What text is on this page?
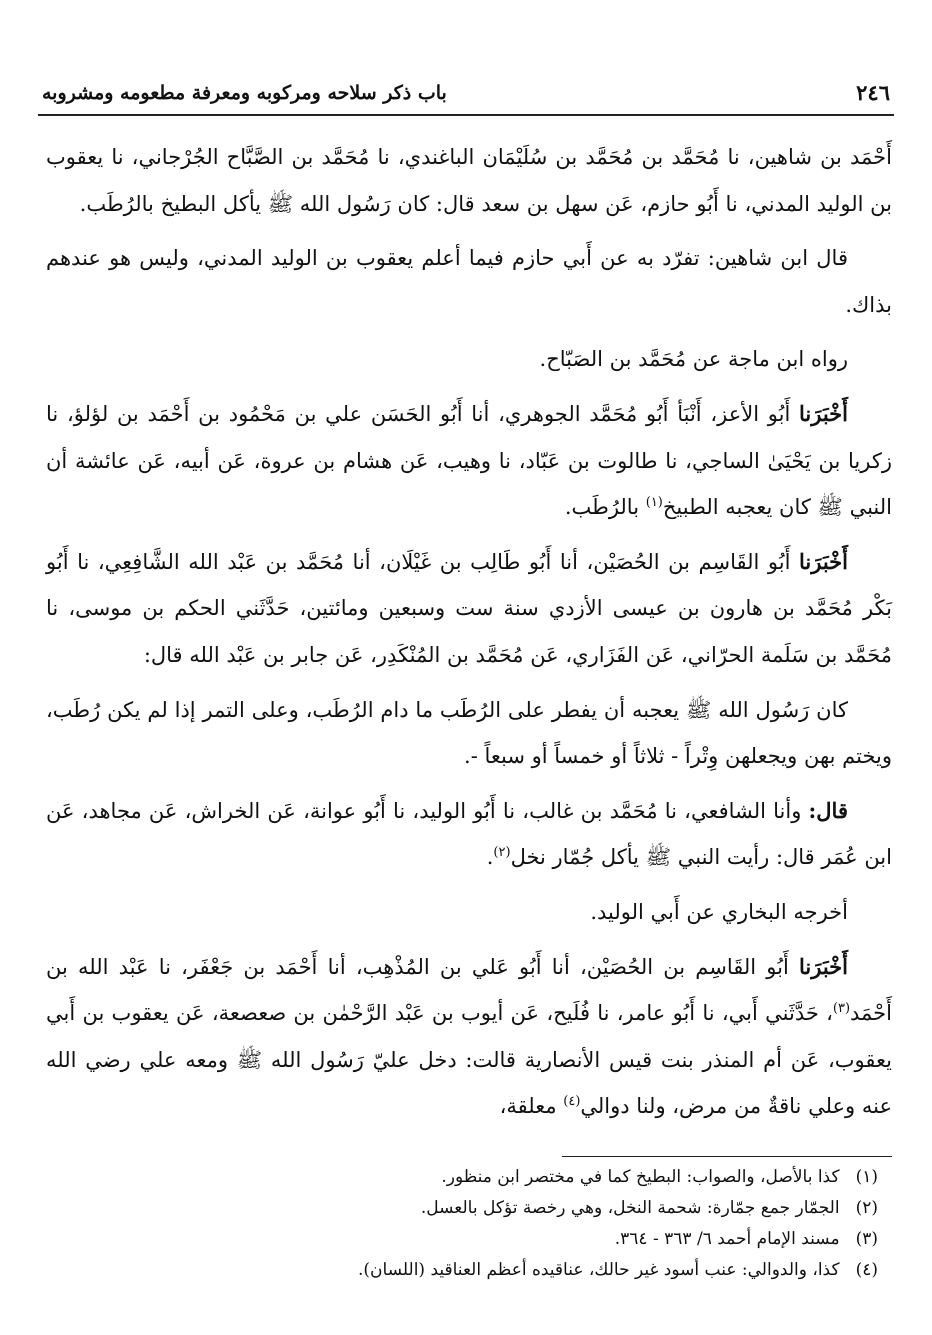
٢٤٦
باب ذكر سلاحه ومركوبه ومعرفة مطعومه ومشروبه

أَحْمَد بن شاهين، نا مُحَمَّد بن مُحَمَّد بن سُلَيْمَان الباغندي، نا مُحَمَّد بن الصَّبَّاح الجُرْجاني، نا يعقوب بن الوليد المدني، نا أَبُو حازم، عَن سهل بن سعد قال: كان رَسُول الله ﷺ يأكل البطيخ بالرُطَب.

قال ابن شاهين: تفرّد به عن أَبي حازم فيما أعلم يعقوب بن الوليد المدني، وليس هو عندهم بذاك.

رواه ابن ماجة عن مُحَمَّد بن الصَبّاح.

أَخْبَرَنا أَبُو الأعز، أَنْبَأ أَبُو مُحَمَّد الجوهري، أنا أَبُو الحَسَن علي بن مَحْمُود بن أَحْمَد بن لؤلؤ، نا زكريا بن يَحْيَىٰ الساجي، نا طالوت بن عَبّاد، نا وهيب، عَن هشام بن عروة، عَن أبيه، عَن عائشة أن النبي ﷺ كان يعجبه الطبيخ$^{(١)}$ بالرُطَب.

أَخْبَرَنا أَبُو القَاسِم بن الحُصَيْن، أنا أَبُو طَالِب بن غَيْلَان، أنا مُحَمَّد بن عَبْد الله الشَّافِعِي، نا أَبُو بَكْر مُحَمَّد بن هارون بن عيسى الأزدي سنة ست وسبعين ومائتين، حَدَّثَني الحكم بن موسى، نا مُحَمَّد بن سَلَمة الحرّاني، عَن الفَزَاري، عَن مُحَمَّد بن المُنْكَدِر، عَن جابر بن عَبْد الله قال:

كان رَسُول الله ﷺ يعجبه أن يفطر على الرُطَب ما دام الرُطَب، وعلى التمر إذا لم يكن رُطَب، ويختم بهن ويجعلهن وِتْراً - ثلاثاً أو خمساً أو سبعاً -.

قال: وأنا الشافعي، نا مُحَمَّد بن غالب، نا أَبُو الوليد، نا أَبُو عوانة، عَن الخراش، عَن مجاهد، عَن ابن عُمَر قال: رأيت النبي ﷺ يأكل جُمّار نخل$^{(٢)}$.

أخرجه البخاري عن أَبي الوليد.

أَخْبَرَنا أَبُو القَاسِم بن الحُصَيْن، أنا أَبُو عَلي بن المُذْهِب، أنا أَحْمَد بن جَعْفَر، نا عَبْد الله بن أَحْمَد$^{(٣)}$، حَدَّثَني أَبي، نا أَبُو عامر، نا فُلَيح، عَن أيوب بن عَبْد الرَّحْمٰن بن صعصعة، عَن يعقوب بن أَبي يعقوب، عَن أم المنذر بنت قيس الأنصارية قالت: دخل عليّ رَسُول الله ﷺ ومعه علي رضي الله عنه وعلي ناقةٌ من مرض، ولنا دوالي$^{(٤)}$ معلقة،

(١)
كذا بالأصل، والصواب: البطيخ كما في مختصر ابن منظور.
(٢)
الجمّار جمع جمّارة: شحمة النخل، وهي رخصة تؤكل بالعسل.
(٣)
مسند الإمام أحمد ٦/ ٣٦٣ - ٣٦٤.
(٤)
كذا، والدوالي: عنب أسود غير حالك، عناقيده أعظم العناقيد (اللسان).
